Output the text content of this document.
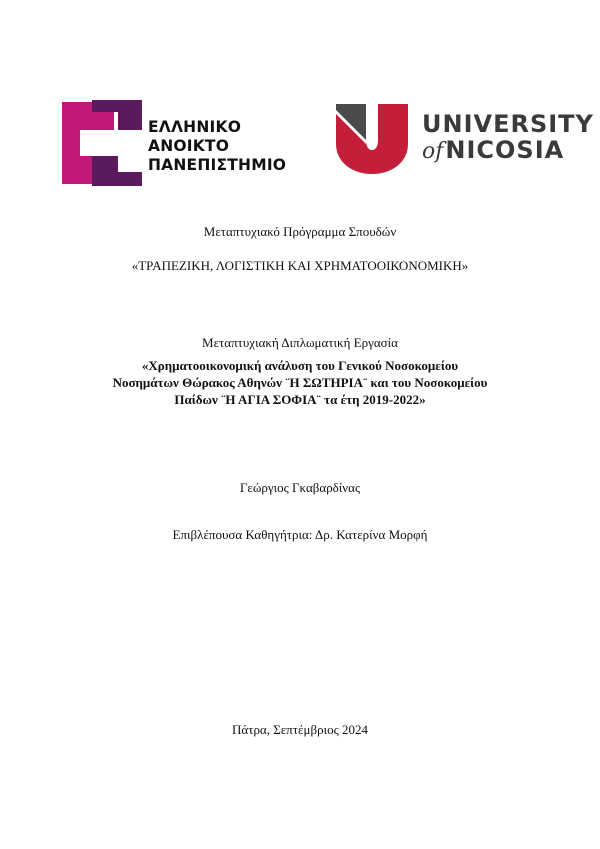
ΕΛΛΗΝΙΚΟ
ΑΝΟΙΚΤΟ
ΠΑΝΕΠΙΣΤΗΜΙΟ
UNIVERSITY
ofNICOSIA
Μεταπτυχιακό Πρόγραμμα Σπουδών
«ΤΡΑΠΕΖΙΚΗ, ΛΟΓΙΣΤΙΚΗ ΚΑΙ ΧΡΗΜΑΤΟΟΙΚΟΝΟΜΙΚΗ»
Μεταπτυχιακή Διπλωματική Εργασία
«Χρηματοοικονομική ανάλυση του Γενικού Νοσοκομείου
Νοσημάτων Θώρακος Αθηνών ¨Η ΣΩΤΗΡΙΑ¨ και του Νοσοκομείου
Παίδων ¨Η ΑΓΙΑ ΣΟΦΙΑ¨ τα έτη 2019-2022»
Γεώργιος Γκαβαρδίνας
Επιβλέπουσα Καθηγήτρια: Δρ. Κατερίνα Μορφή
Πάτρα, Σεπτέμβριος 2024
